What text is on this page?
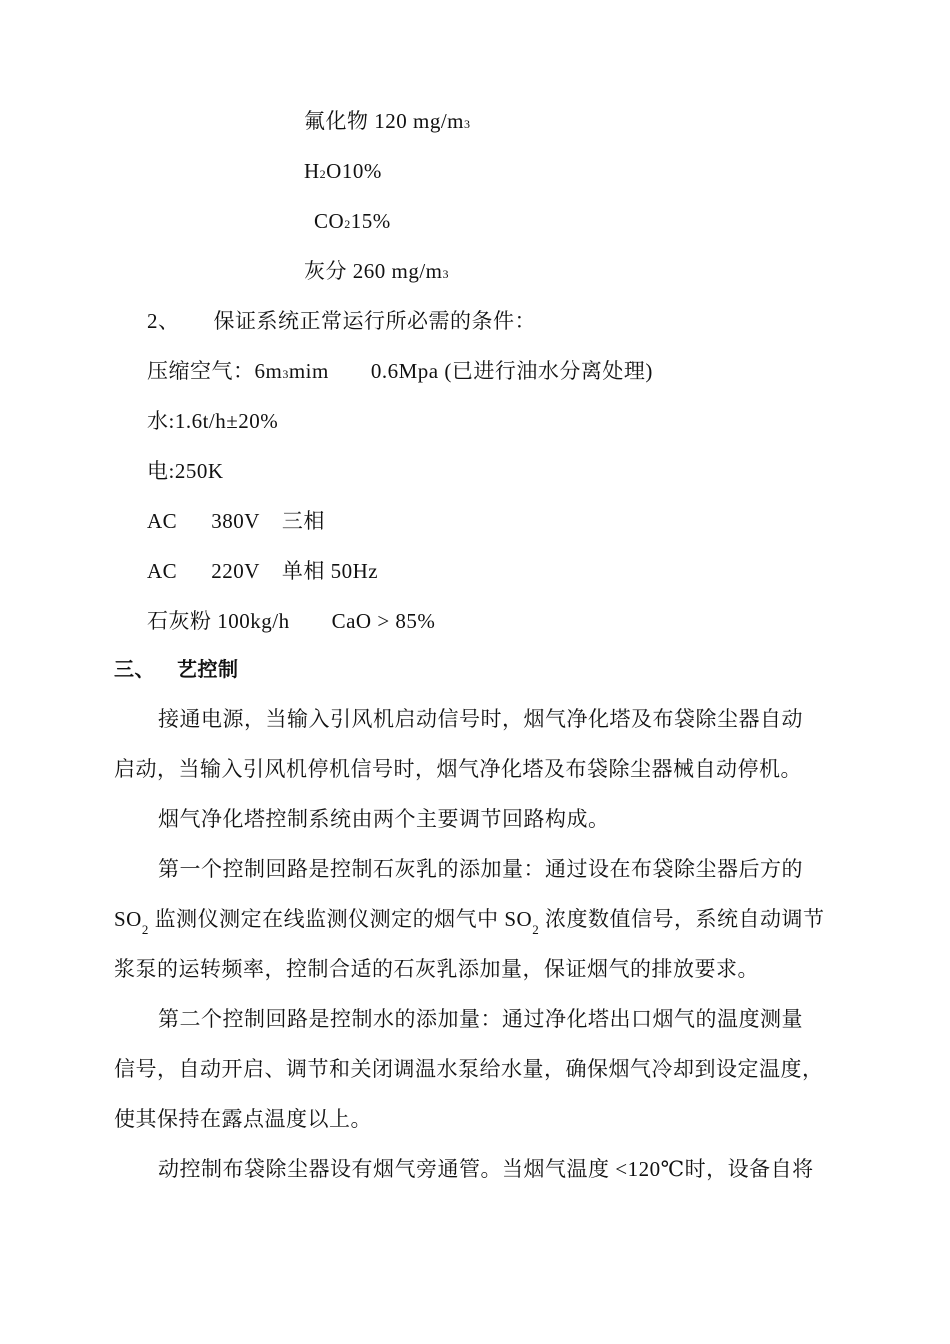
氟化物 120 mg/m3
H2O10%
CO215%
灰分 260 mg/m3
2、 保证系统正常运行所必需的条件：
压缩空气：6m3mim 0.6Mpa (已进行油水分离处理)
水:1.6t/h±20%
电:250K
AC 380V 三相
AC 220V 单相 50Hz
石灰粉 100kg/h CaO > 85%
三、 艺控制
接通电源，当输入引风机启动信号时，烟气净化塔及布袋除尘器自动
启动，当输入引风机停机信号时，烟气净化塔及布袋除尘器械自动停机。
烟气净化塔控制系统由两个主要调节回路构成。
第一个控制回路是控制石灰乳的添加量：通过设在布袋除尘器后方的
$SO_2$ 监测仪测定在线监测仪测定的烟气中 $SO_2$ 浓度数值信号，系统自动调节
浆泵的运转频率，控制合适的石灰乳添加量，保证烟气的排放要求。
第二个控制回路是控制水的添加量：通过净化塔出口烟气的温度测量
信号，自动开启、调节和关闭调温水泵给水量，确保烟气冷却到设定温度，
使其保持在露点温度以上。
动控制布袋除尘器设有烟气旁通管。当烟气温度 <120℃时，设备自将
